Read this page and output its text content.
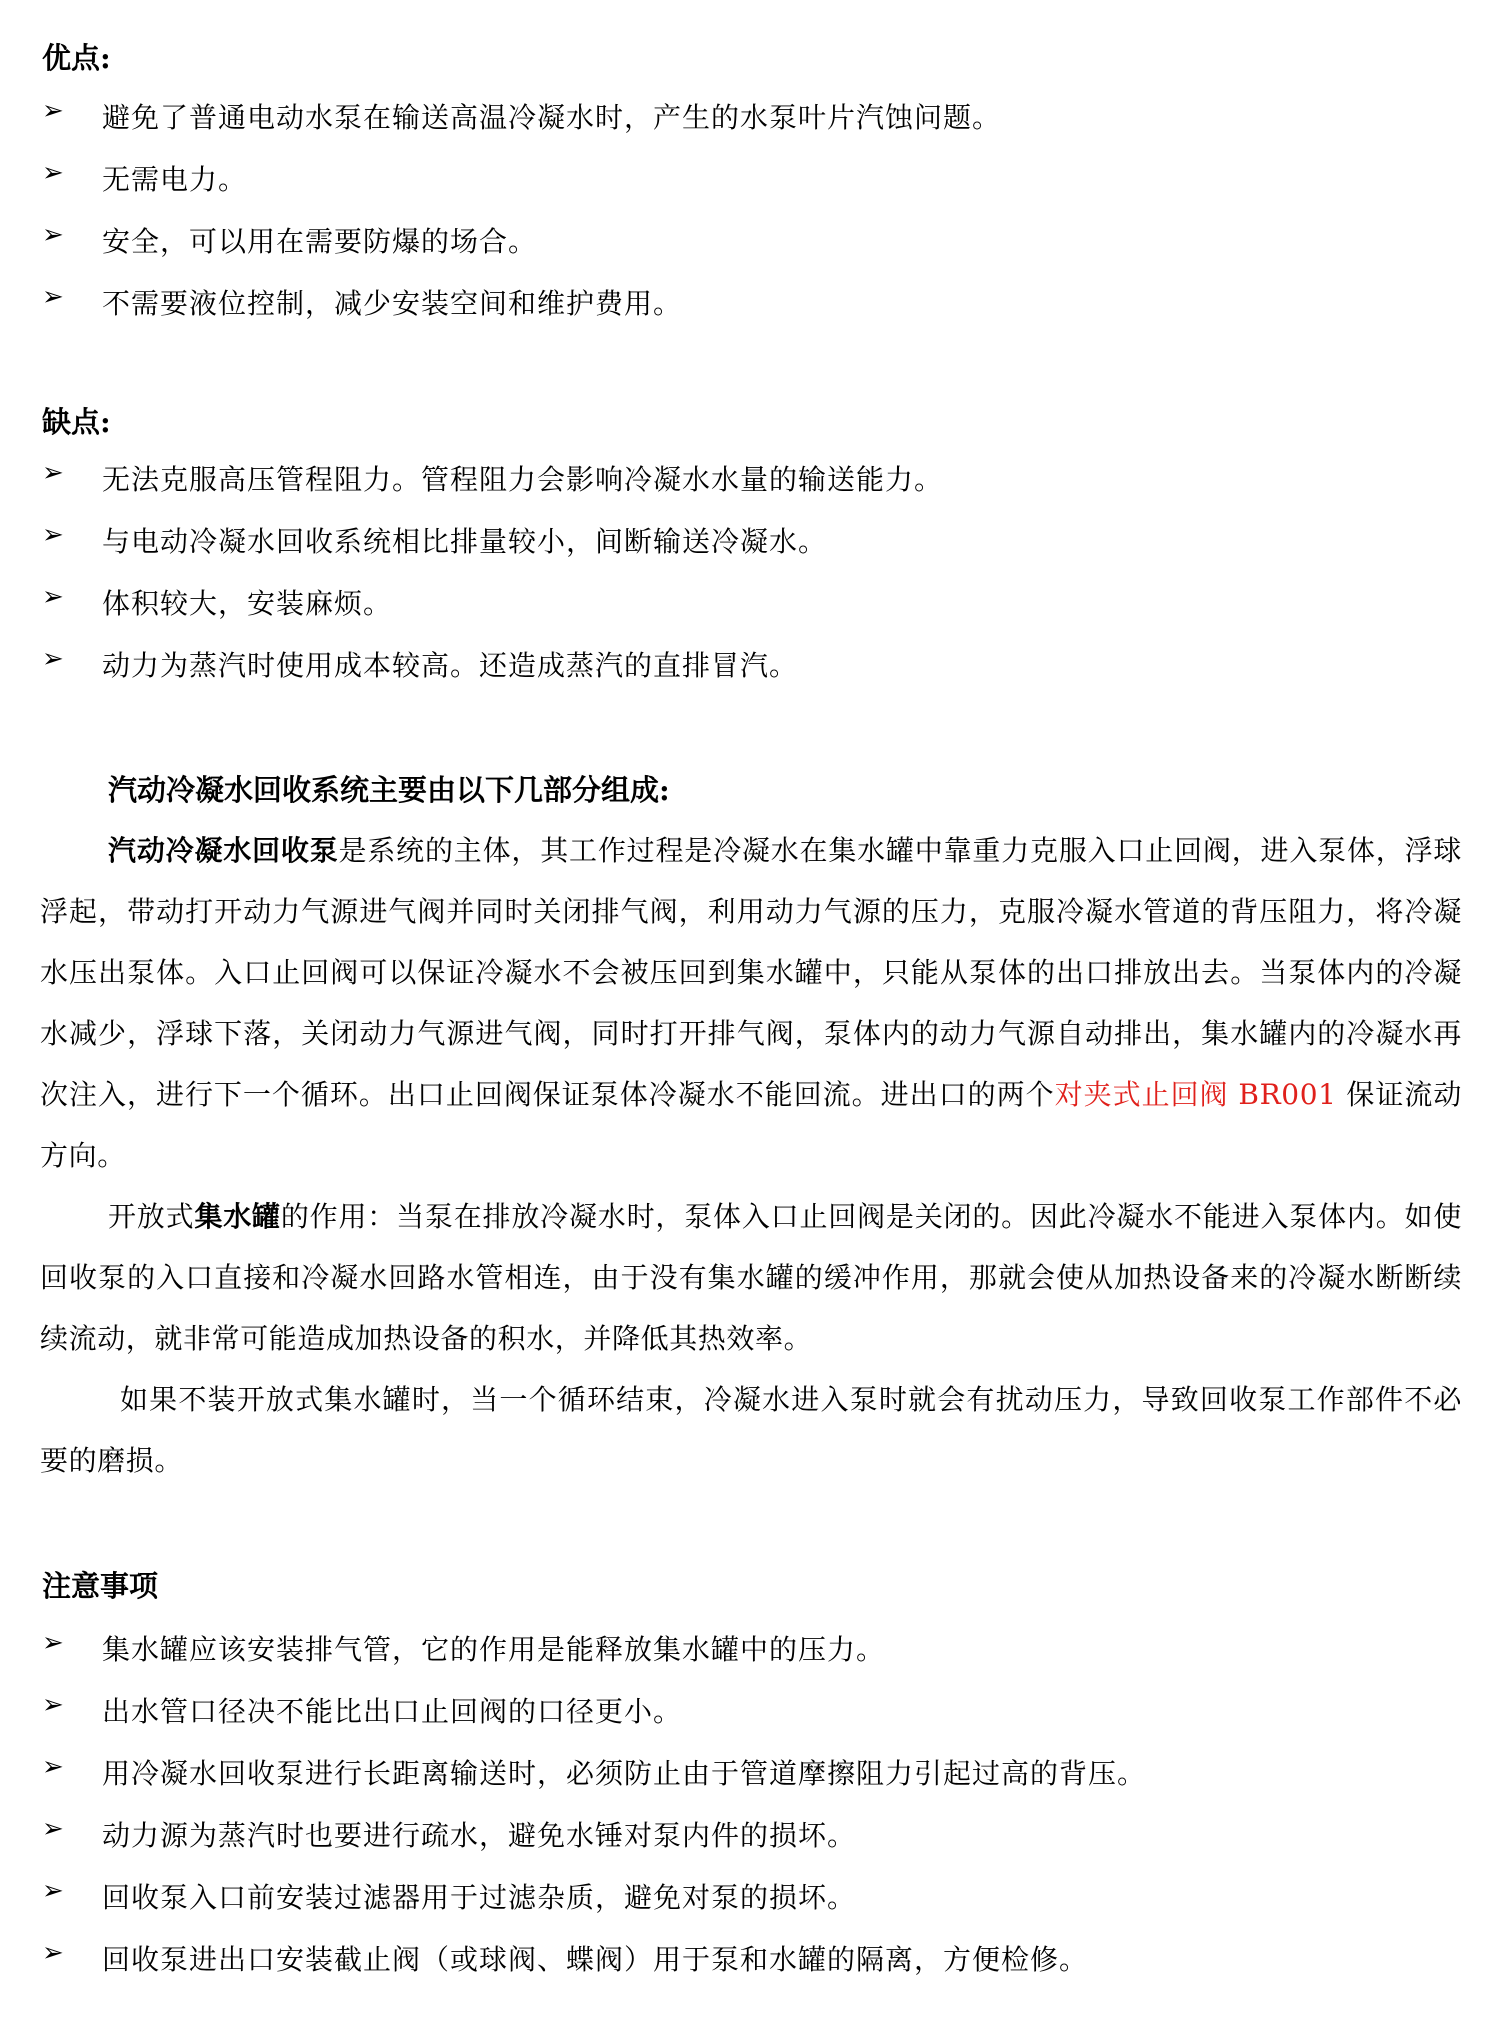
优点:
➢ 避免了普通电动水泵在输送高温冷凝水时，产生的水泵叶片汽蚀问题。
➢ 无需电力。
➢ 安全，可以用在需要防爆的场合。
➢ 不需要液位控制，减少安装空间和维护费用。
缺点:
➢ 无法克服高压管程阻力。管程阻力会影响冷凝水水量的输送能力。
➢ 与电动冷凝水回收系统相比排量较小，间断输送冷凝水。
➢ 体积较大，安装麻烦。
➢ 动力为蒸汽时使用成本较高。还造成蒸汽的直排冒汽。
汽动冷凝水回收系统主要由以下几部分组成:

汽动冷凝水回收泵是系统的主体，其工作过程是冷凝水在集水罐中靠重力克服入口止回阀，进入泵体，浮球浮起，带动打开动力气源进气阀并同时关闭排气阀，利用动力气源的压力，克服冷凝水管道的背压阻力，将冷凝水压出泵体。入口止回阀可以保证冷凝水不会被压回到集水罐中，只能从泵体的出口排放出去。当泵体内的冷凝水减少，浮球下落，关闭动力气源进气阀，同时打开排气阀，泵体内的动力气源自动排出，集水罐内的冷凝水再次注入，进行下一个循环。出口止回阀保证泵体冷凝水不能回流。进出口的两个对夹式止回阀 BR001 保证流动方向。

开放式集水罐的作用：当泵在排放冷凝水时，泵体入口止回阀是关闭的。因此冷凝水不能进入泵体内。如使回收泵的入口直接和冷凝水回路水管相连，由于没有集水罐的缓冲作用，那就会使从加热设备来的冷凝水断断续续流动，就非常可能造成加热设备的积水，并降低其热效率。

如果不装开放式集水罐时，当一个循环结束，冷凝水进入泵时就会有扰动压力，导致回收泵工作部件不必要的磨损。

注意事项
➢ 集水罐应该安装排气管，它的作用是能释放集水罐中的压力。
➢ 出水管口径决不能比出口止回阀的口径更小。
➢ 用冷凝水回收泵进行长距离输送时，必须防止由于管道摩擦阻力引起过高的背压。
➢ 动力源为蒸汽时也要进行疏水，避免水锤对泵内件的损坏。
➢ 回收泵入口前安装过滤器用于过滤杂质，避免对泵的损坏。
➢ 回收泵进出口安装截止阀（或球阀、蝶阀）用于泵和水罐的隔离，方便检修。
